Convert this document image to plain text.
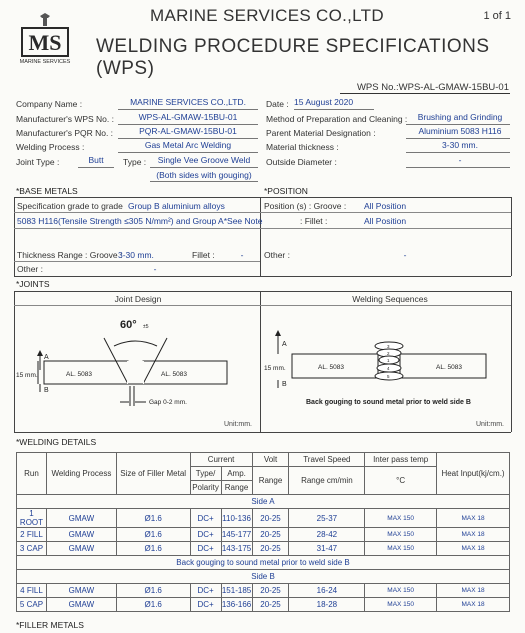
MS
MARINE SERVICES
MARINE SERVICES CO.,LTD
WELDING PROCEDURE SPECIFICATIONS (WPS)
1 of 1
WPS No.:WPS-AL-GMAW-15BU-01
Company Name :	MARINE SERVICES CO.,LTD.
Manufacturer's WPS No. :	WPS-AL-GMAW-15BU-01
Manufacturer's PQR No. :	PQR-AL-GMAW-15BU-01
Welding Process :	Gas Metal Arc Welding
Joint Type :	Butt	Type :	Single Vee Groove Weld
(Both sides with gouging)
Date : 15 August 2020
Method of Preparation and Cleaning :	Brushing and Grinding
Parent Material Designation :	Aluminium 5083 H116
Material thickness :	3-30 mm.
Outside Diameter :	-
*BASE METALS	*POSITION
Specification grade to grade Group B aluminium alloys
5083 H116(Tensile Strength ≤305 N/mm²) and Group A*See Note
Thickness Range : Groove :
3-30 mm.	Fillet :	-
Other :	-
Position (s) : Groove : All Position
: Fillet :	All Position
Other :	-
*JOINTS
Joint Design	Welding Sequences
A
B
15 mm.	AL. 5083	AL. 5083
60° ±5
Gap 0-2 mm.
Unit:mm.
A
B
15 mm.	AL. 5083	AL. 5083
3
2
1
4
5
Back gouging to sound metal prior to weld side B
Unit:mm.
*WELDING DETAILS
Run	Welding Process	Size of Filler Metal	Current		Volt	Travel Speed	Inter pass temp	Heat Input(kj/cm.)
			Type/	Amp.	Range	Range cm/min	°C	
			Polarity	Range				
Side A								
1 ROOT	GMAW	Ø1.6	DC+	110-136	20-25	25-37	MAX 150	MAX 18
2 FILL	GMAW	Ø1.6	DC+	145-177	20-25	28-42	MAX 150	MAX 18
3 CAP	GMAW	Ø1.6	DC+	143-175	20-25	31-47	MAX 150	MAX 18
Back gouging to sound metal prior to weld side B								
Side B								
4 FILL	GMAW	Ø1.6	DC+	151-185	20-25	16-24	MAX 150	MAX 18
5 CAP	GMAW	Ø1.6	DC+	136-166	20-25	18-28	MAX 150	MAX 18
*FILLER METALS
